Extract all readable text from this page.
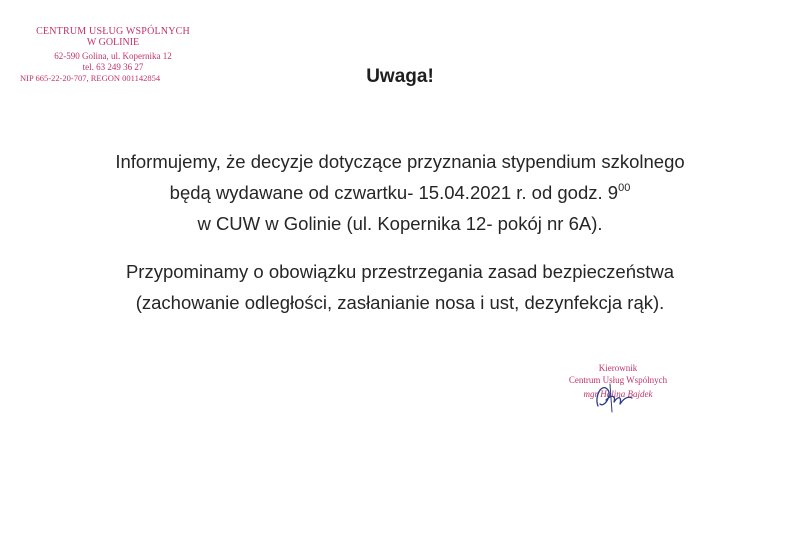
CENTRUM USŁUG WSPÓLNYCH
W GOLINIE
62-590 Golina, ul. Kopernika 12
tel. 63 249 36 27
NIP 665-22-20-707, REGON 001142854	Uwaga!
Informujemy, że decyzje dotyczące przyznania stypendium szkolnego
będą wydawane od czwartku- 15.04.2021 r. od godz. $9^{00}$
w CUW w Golinie (ul. Kopernika 12- pokój nr 6A).
Przypominamy o obowiązku przestrzegania zasad bezpieczeństwa
(zachowanie odległości, zasłanianie nosa i ust, dezynfekcja rąk).
Kierownik
Centrum Usług Wspólnych
mgr Halina Bajdek
